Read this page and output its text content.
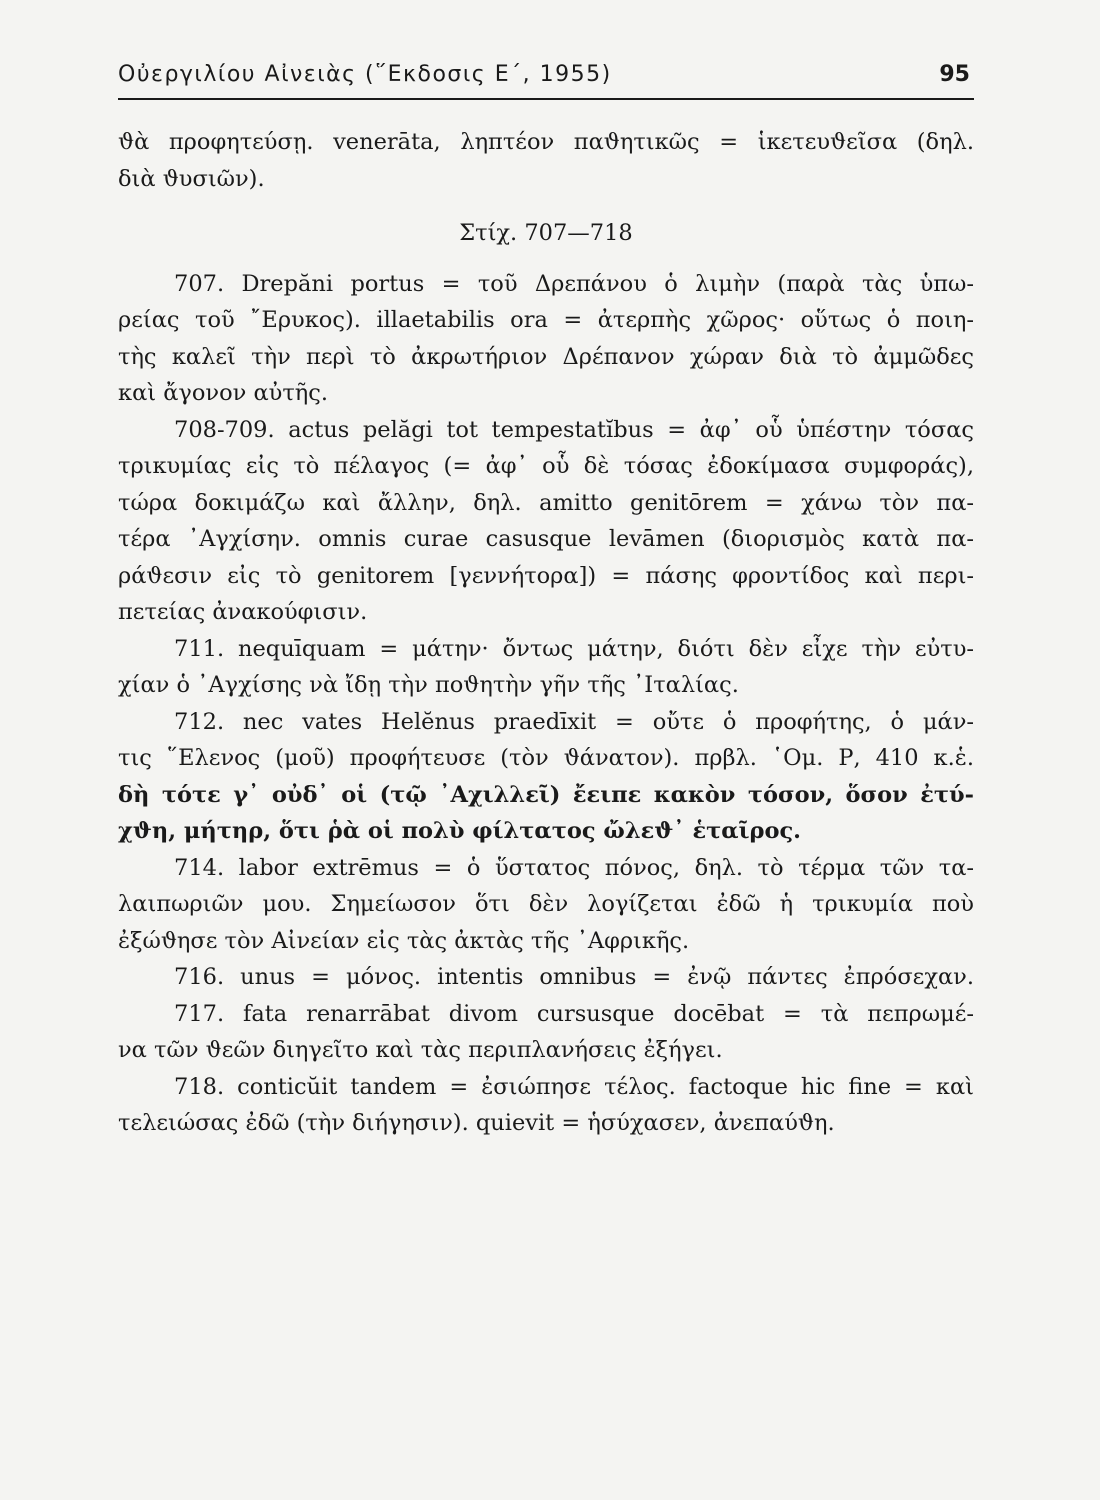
Οὐεργιλίου Αἰνειὰς (῞Εκδοσις Ε΄, 1955)	95
ϑὰ προφητεύσῃ. venerāta, ληπτέον παϑητικῶς = ἱκετευϑεῖσα (δηλ.
διὰ ϑυσιῶν).
Στίχ. 707—718
707. Drepăni portus = τοῦ Δρεπάνου ὁ λιμὴν (παρὰ τὰς ὑπω-
ρείας τοῦ ῎Ερυκος). illaetabilis ora = ἀτερπὴς χῶρος· οὕτως ὁ ποιη-
τὴς καλεῖ τὴν περὶ τὸ ἀκρωτήριον Δρέπανον χώραν διὰ τὸ ἀμμῶδες
καὶ ἄγονον αὐτῆς.
708-709. actus pelăgi tot tempestatĭbus = ἀφ᾽ οὗ ὑπέστην τόσας
τρικυμίας εἰς τὸ πέλαγος (= ἀφ᾽ οὗ δὲ τόσας ἐδοκίμασα συμφοράς),
τώρα δοκιμάζω καὶ ἄλλην, δηλ. amitto genitōrem = χάνω τὸν πα-
τέρα ᾽Αγχίσην. omnis curae casusque levāmen (διορισμὸς κατὰ πα-
ράϑεσιν εἰς τὸ genitorem [γεννήτορα]) = πάσης φροντίδος καὶ περι-
πετείας ἀνακούφισιν.
711. nequīquam = μάτην· ὄντως μάτην, διότι δὲν εἶχε τὴν εὐτυ-
χίαν ὁ ᾽Αγχίσης νὰ ἴδῃ τὴν ποϑητὴν γῆν τῆς ᾽Ιταλίας.
712. nec vates Helĕnus praedīxit = οὔτε ὁ προφήτης, ὁ μάν-
τις ῞Ελενος (μοῦ) προφήτευσε (τὸν ϑάνατον). πρβλ. ῾Ομ. Ρ, 410 κ.ἑ.
δὴ τότε γ᾽ οὐδ᾽ οἱ (τῷ ᾽Αχιλλεῖ) ἔειπε κακὸν τόσον, ὅσον ἐτύ-
χϑη, μήτηρ, ὅτι ῥὰ οἱ πολὺ φίλτατος ὤλεϑ᾽ ἑταῖρος.
714. labor extrēmus = ὁ ὕστατος πόνος, δηλ. τὸ τέρμα τῶν τα-
λαιπωριῶν μου. Σημείωσον ὅτι δὲν λογίζεται ἐδῶ ἡ τρικυμία ποὺ
ἐξώϑησε τὸν Αἰνείαν εἰς τὰς ἀκτὰς τῆς ᾽Αφρικῆς.
716. unus = μόνος. intentis omnibus = ἐνῷ πάντες ἐπρόσεχαν.
717. fata renarrābat divom cursusque docēbat = τὰ πεπρωμέ-
να τῶν ϑεῶν διηγεῖτο καὶ τὰς περιπλανήσεις ἐξήγει.
718. conticŭit tandem = ἐσιώπησε τέλος. factoque hic fine = καὶ
τελειώσας ἐδῶ (τὴν διήγησιν). quievit = ἡσύχασεν, ἀνεπαύϑη.
